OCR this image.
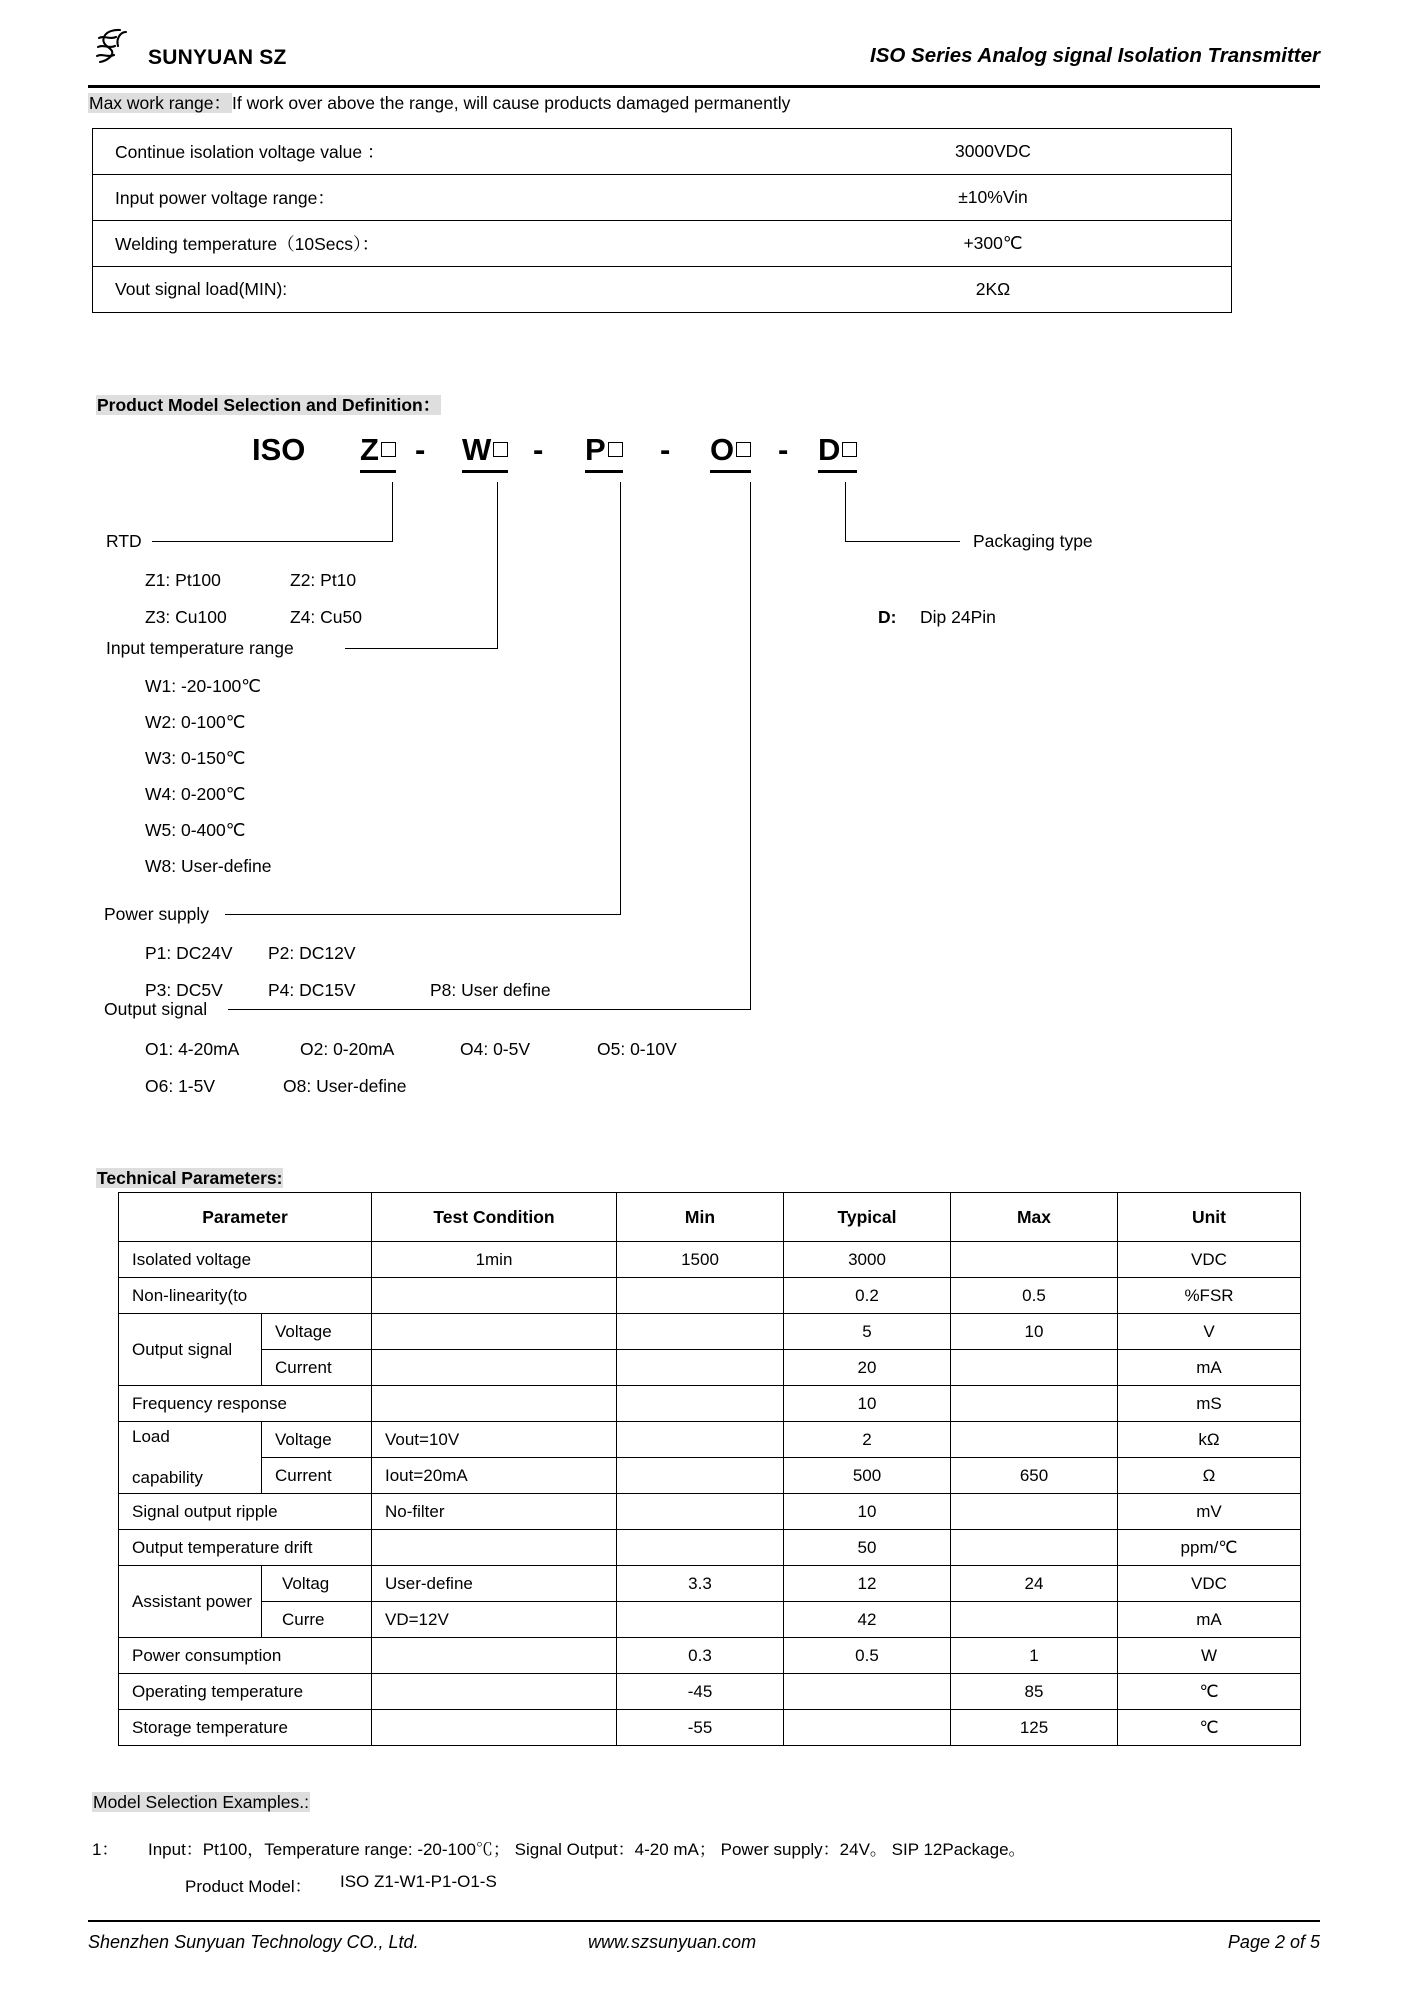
SUNYUAN SZ	ISO Series Analog signal Isolation Transmitter
Max work range：If work over above the range, will cause products damaged permanently
Continue isolation voltage value ：	3000VDC
Input power voltage range：	±10%Vin
Welding temperature（10Secs）：	+300℃
Vout signal load(MIN):	2KΩ
Product Model Selection and Definition：
ISO Z	- W	- P	- O	- D
RTD
Z1: Pt100	Z2: Pt10
Z3: Cu100	Z4: Cu50
Input temperature range
W1: -20-100℃
W2: 0-100℃
W3: 0-150℃
W4: 0-200℃
W5: 0-400℃
W8: User-define
Power supply
P1: DC24V P2: DC12V
P3: DC5V	P4: DC15V	P8: User define
Output signal
O1: 4-20mA	O2: 0-20mA	O4: 0-5V	O5: 0-10V
O6: 1-5V	O8: User-define
Packaging type
D: Dip 24Pin
Technical Parameters:
Parameter		Test Condition	Min	Typical	Max	Unit
Isolated voltage		1min	1500	3000		VDC
Non-linearity(to				0.2	0.5	%FSR
Output signal	Voltage			5	10	V
	Current			20		mA
Frequency response				10		mS
Load
capability	Voltage	Vout=10V		2		kΩ
	Current	Iout=20mA		500	650	Ω
Signal output ripple		No-filter		10		mV
Output temperature drift				50		ppm/℃
Assistant power	Voltag	User-define	3.3	12	24	VDC
	Curre	VD=12V		42		mA
Power consumption			0.3	0.5	1	W
Operating temperature			-45		85	℃
Storage temperature			-55		125	℃
Model Selection Examples.:
1： Input：Pt100，Temperature range: -20-100℃； Signal Output：4-20 mA； Power supply：24V。 SIP 12Package。
Product Model： ISO Z1-W1-P1-O1-S
Shenzhen Sunyuan Technology CO., Ltd.	www.szsunyuan.com	Page 2 of 5
